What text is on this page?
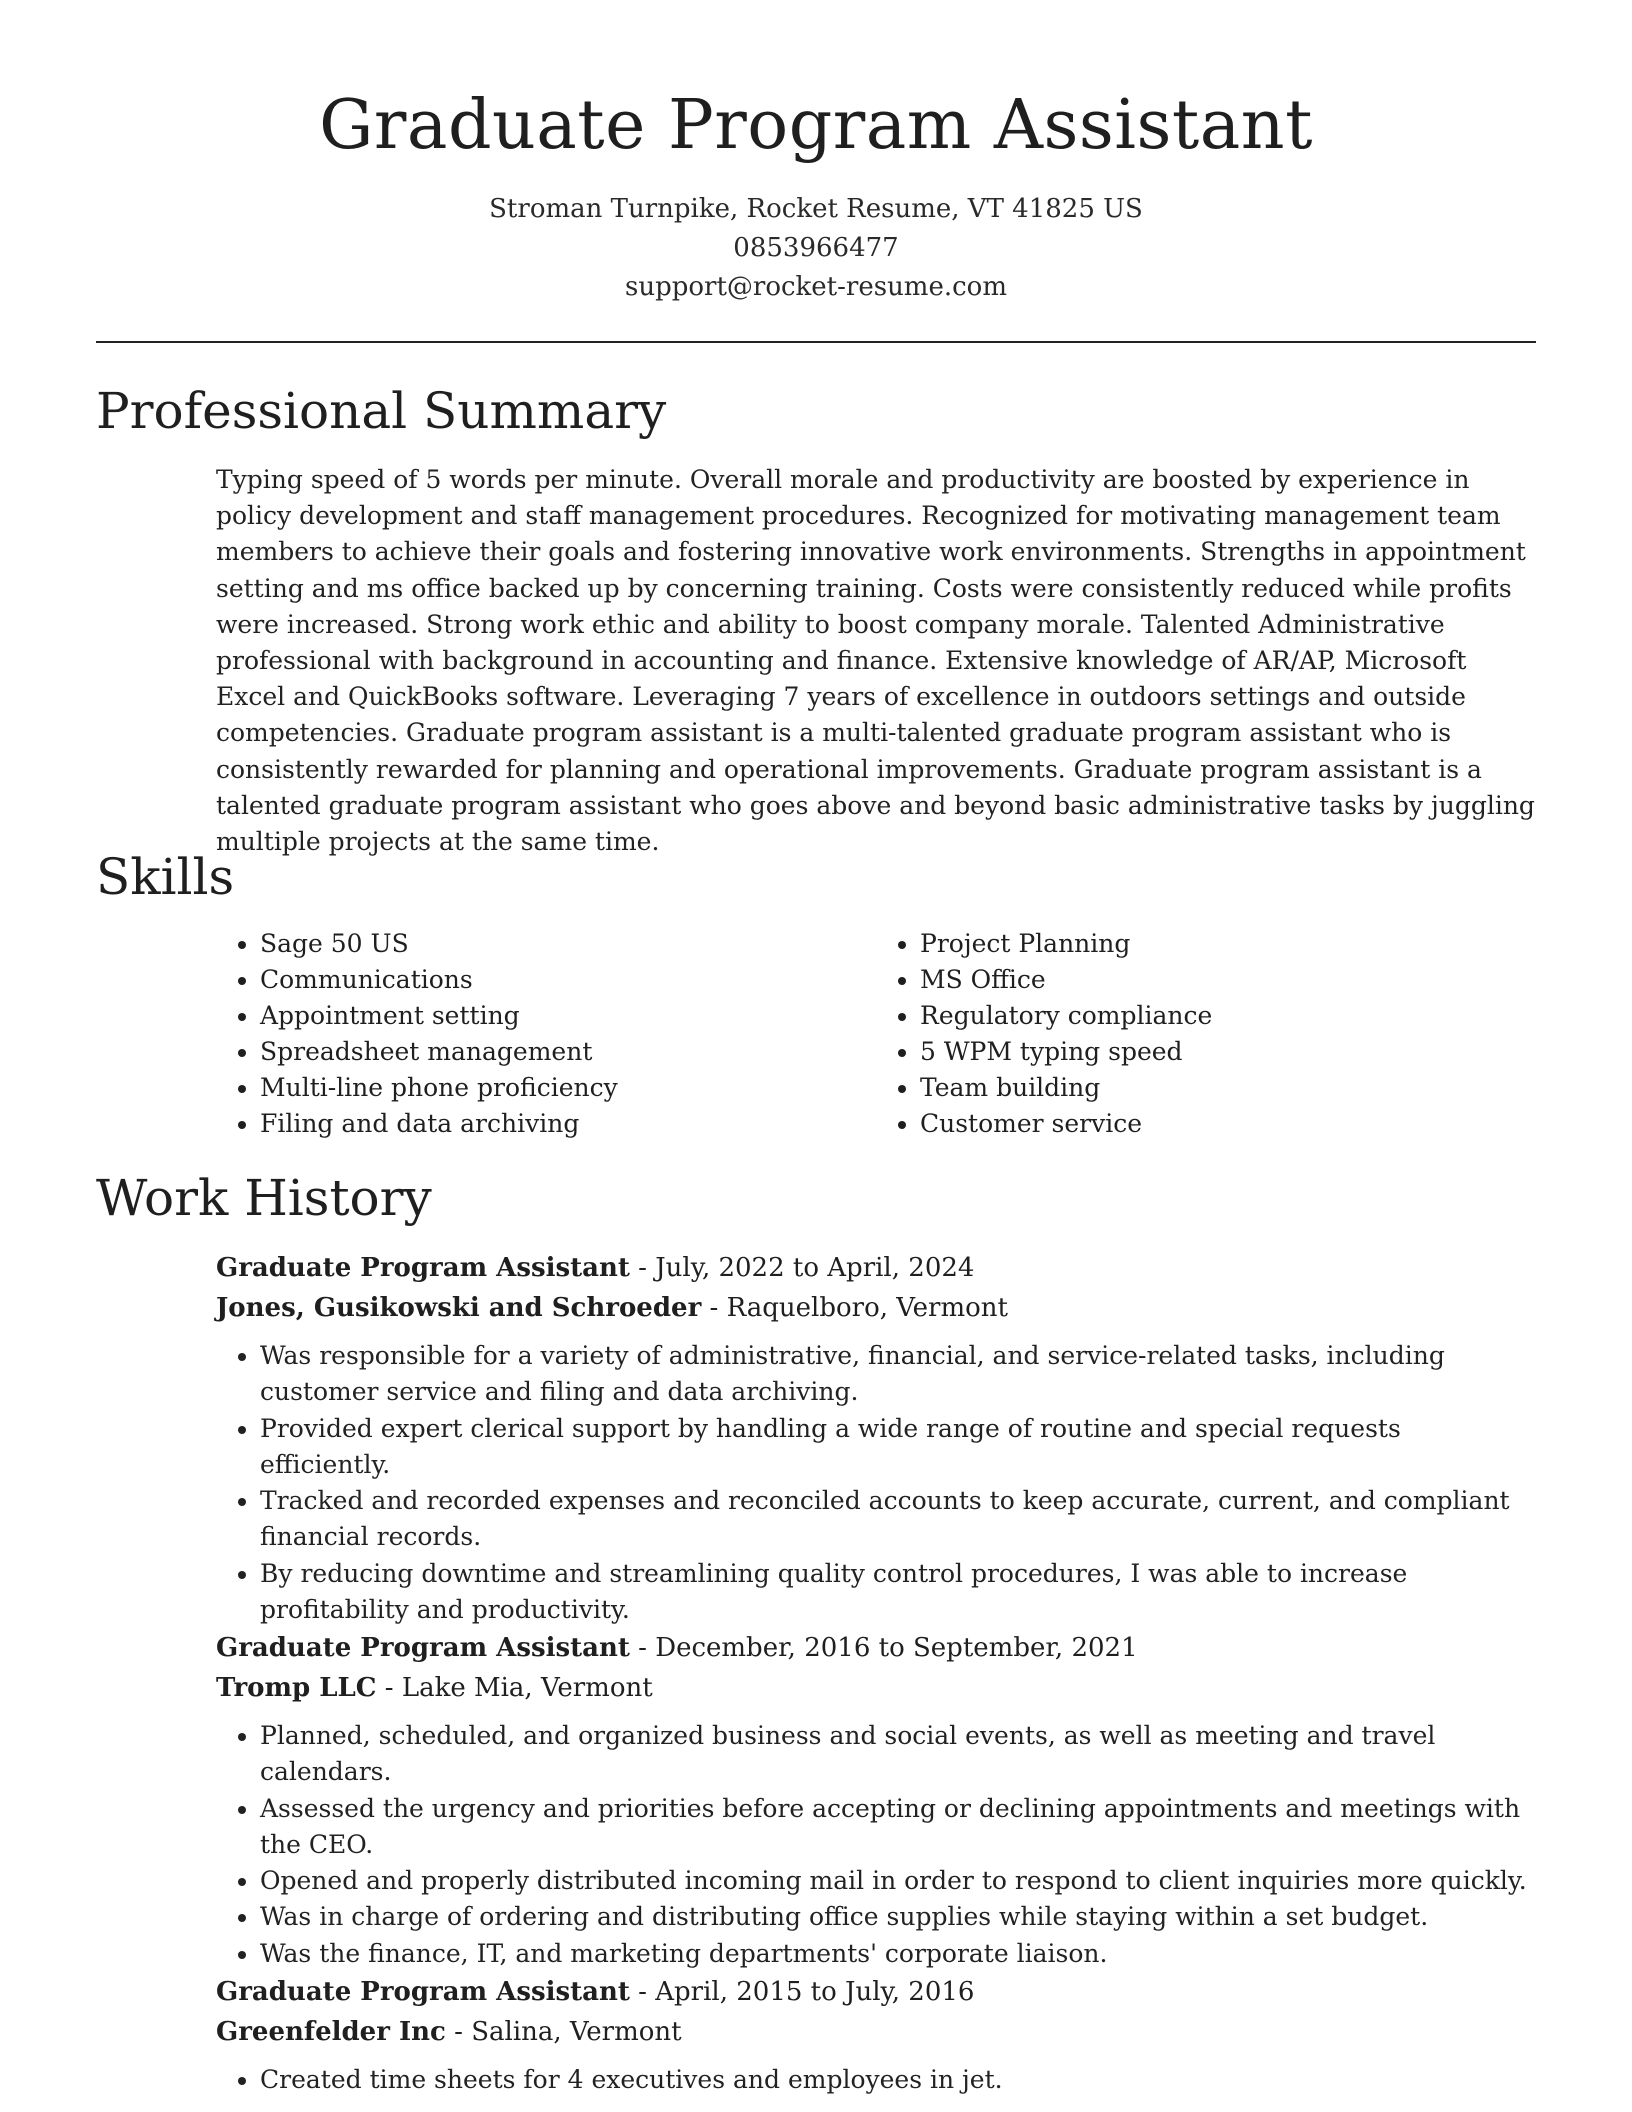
Graduate Program Assistant
Stroman Turnpike, Rocket Resume, VT 41825 US
0853966477
support@rocket-resume.com
Professional Summary

Typing speed of 5 words per minute. Overall morale and productivity are boosted by experience in policy development and staff management procedures. Recognized for motivating management team members to achieve their goals and fostering innovative work environments. Strengths in appointment setting and ms office backed up by concerning training. Costs were consistently reduced while profits were increased. Strong work ethic and ability to boost company morale. Talented Administrative professional with background in accounting and finance. Extensive knowledge of AR/AP, Microsoft Excel and QuickBooks software. Leveraging 7 years of excellence in outdoors settings and outside competencies. Graduate program assistant is a multi-talented graduate program assistant who is consistently rewarded for planning and operational improvements. Graduate program assistant is a talented graduate program assistant who goes above and beyond basic administrative tasks by juggling multiple projects at the same time.

Skills
• Sage 50 US
• Communications
• Appointment setting
• Spreadsheet management
• Multi-line phone proficiency
• Filing and data archiving
• Project Planning
• MS Office
• Regulatory compliance
• 5 WPM typing speed
• Team building
• Customer service
Work History
Graduate Program Assistant - July, 2022 to April, 2024
Jones, Gusikowski and Schroeder - Raquelboro, Vermont
• Was responsible for a variety of administrative, financial, and service-related tasks, including customer service and filing and data archiving.
• Provided expert clerical support by handling a wide range of routine and special requests efficiently.
• Tracked and recorded expenses and reconciled accounts to keep accurate, current, and compliant financial records.
• By reducing downtime and streamlining quality control procedures, I was able to increase profitability and productivity.
Graduate Program Assistant - December, 2016 to September, 2021
Tromp LLC - Lake Mia, Vermont
• Planned, scheduled, and organized business and social events, as well as meeting and travel calendars.
• Assessed the urgency and priorities before accepting or declining appointments and meetings with the CEO.
• Opened and properly distributed incoming mail in order to respond to client inquiries more quickly.
• Was in charge of ordering and distributing office supplies while staying within a set budget.
• Was the finance, IT, and marketing departments' corporate liaison.
Graduate Program Assistant - April, 2015 to July, 2016
Greenfelder Inc - Salina, Vermont
• Created time sheets for 4 executives and employees in jet.
